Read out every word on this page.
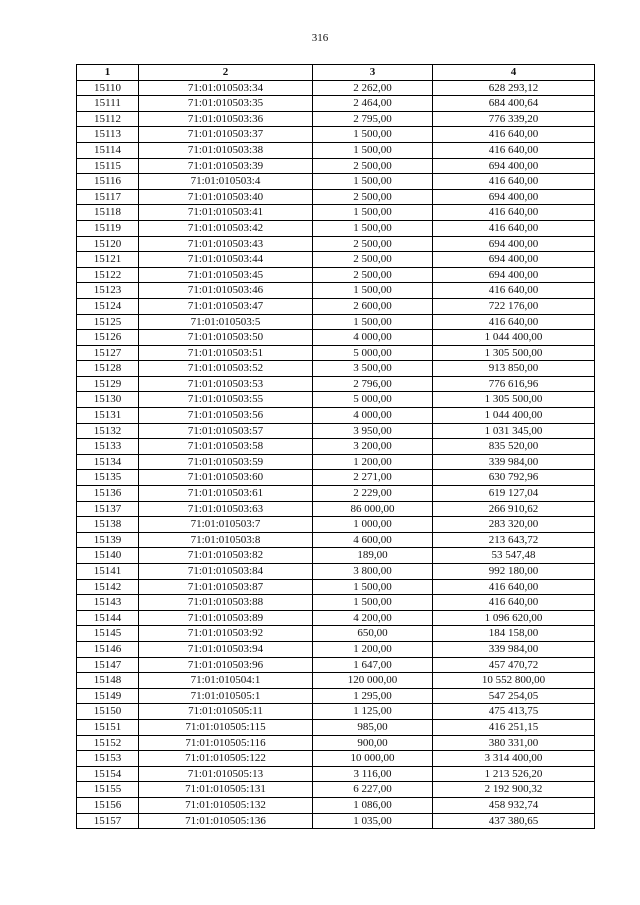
316
1	2	3	4
15110	71:01:010503:34	2 262,00	628 293,12
15111	71:01:010503:35	2 464,00	684 400,64
15112	71:01:010503:36	2 795,00	776 339,20
15113	71:01:010503:37	1 500,00	416 640,00
15114	71:01:010503:38	1 500,00	416 640,00
15115	71:01:010503:39	2 500,00	694 400,00
15116	71:01:010503:4	1 500,00	416 640,00
15117	71:01:010503:40	2 500,00	694 400,00
15118	71:01:010503:41	1 500,00	416 640,00
15119	71:01:010503:42	1 500,00	416 640,00
15120	71:01:010503:43	2 500,00	694 400,00
15121	71:01:010503:44	2 500,00	694 400,00
15122	71:01:010503:45	2 500,00	694 400,00
15123	71:01:010503:46	1 500,00	416 640,00
15124	71:01:010503:47	2 600,00	722 176,00
15125	71:01:010503:5	1 500,00	416 640,00
15126	71:01:010503:50	4 000,00	1 044 400,00
15127	71:01:010503:51	5 000,00	1 305 500,00
15128	71:01:010503:52	3 500,00	913 850,00
15129	71:01:010503:53	2 796,00	776 616,96
15130	71:01:010503:55	5 000,00	1 305 500,00
15131	71:01:010503:56	4 000,00	1 044 400,00
15132	71:01:010503:57	3 950,00	1 031 345,00
15133	71:01:010503:58	3 200,00	835 520,00
15134	71:01:010503:59	1 200,00	339 984,00
15135	71:01:010503:60	2 271,00	630 792,96
15136	71:01:010503:61	2 229,00	619 127,04
15137	71:01:010503:63	86 000,00	266 910,62
15138	71:01:010503:7	1 000,00	283 320,00
15139	71:01:010503:8	4 600,00	213 643,72
15140	71:01:010503:82	189,00	53 547,48
15141	71:01:010503:84	3 800,00	992 180,00
15142	71:01:010503:87	1 500,00	416 640,00
15143	71:01:010503:88	1 500,00	416 640,00
15144	71:01:010503:89	4 200,00	1 096 620,00
15145	71:01:010503:92	650,00	184 158,00
15146	71:01:010503:94	1 200,00	339 984,00
15147	71:01:010503:96	1 647,00	457 470,72
15148	71:01:010504:1	120 000,00	10 552 800,00
15149	71:01:010505:1	1 295,00	547 254,05
15150	71:01:010505:11	1 125,00	475 413,75
15151	71:01:010505:115	985,00	416 251,15
15152	71:01:010505:116	900,00	380 331,00
15153	71:01:010505:122	10 000,00	3 314 400,00
15154	71:01:010505:13	3 116,00	1 213 526,20
15155	71:01:010505:131	6 227,00	2 192 900,32
15156	71:01:010505:132	1 086,00	458 932,74
15157	71:01:010505:136	1 035,00	437 380,65
